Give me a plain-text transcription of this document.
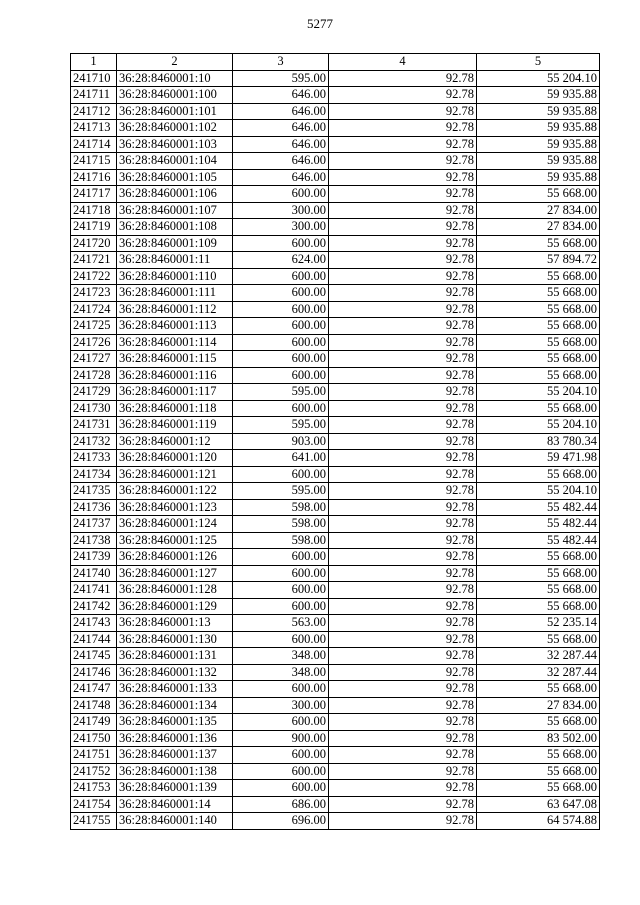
5277
1	2	3	4	5
241710	36:28:8460001:10	595.00	92.78	55 204.10
241711	36:28:8460001:100	646.00	92.78	59 935.88
241712	36:28:8460001:101	646.00	92.78	59 935.88
241713	36:28:8460001:102	646.00	92.78	59 935.88
241714	36:28:8460001:103	646.00	92.78	59 935.88
241715	36:28:8460001:104	646.00	92.78	59 935.88
241716	36:28:8460001:105	646.00	92.78	59 935.88
241717	36:28:8460001:106	600.00	92.78	55 668.00
241718	36:28:8460001:107	300.00	92.78	27 834.00
241719	36:28:8460001:108	300.00	92.78	27 834.00
241720	36:28:8460001:109	600.00	92.78	55 668.00
241721	36:28:8460001:11	624.00	92.78	57 894.72
241722	36:28:8460001:110	600.00	92.78	55 668.00
241723	36:28:8460001:111	600.00	92.78	55 668.00
241724	36:28:8460001:112	600.00	92.78	55 668.00
241725	36:28:8460001:113	600.00	92.78	55 668.00
241726	36:28:8460001:114	600.00	92.78	55 668.00
241727	36:28:8460001:115	600.00	92.78	55 668.00
241728	36:28:8460001:116	600.00	92.78	55 668.00
241729	36:28:8460001:117	595.00	92.78	55 204.10
241730	36:28:8460001:118	600.00	92.78	55 668.00
241731	36:28:8460001:119	595.00	92.78	55 204.10
241732	36:28:8460001:12	903.00	92.78	83 780.34
241733	36:28:8460001:120	641.00	92.78	59 471.98
241734	36:28:8460001:121	600.00	92.78	55 668.00
241735	36:28:8460001:122	595.00	92.78	55 204.10
241736	36:28:8460001:123	598.00	92.78	55 482.44
241737	36:28:8460001:124	598.00	92.78	55 482.44
241738	36:28:8460001:125	598.00	92.78	55 482.44
241739	36:28:8460001:126	600.00	92.78	55 668.00
241740	36:28:8460001:127	600.00	92.78	55 668.00
241741	36:28:8460001:128	600.00	92.78	55 668.00
241742	36:28:8460001:129	600.00	92.78	55 668.00
241743	36:28:8460001:13	563.00	92.78	52 235.14
241744	36:28:8460001:130	600.00	92.78	55 668.00
241745	36:28:8460001:131	348.00	92.78	32 287.44
241746	36:28:8460001:132	348.00	92.78	32 287.44
241747	36:28:8460001:133	600.00	92.78	55 668.00
241748	36:28:8460001:134	300.00	92.78	27 834.00
241749	36:28:8460001:135	600.00	92.78	55 668.00
241750	36:28:8460001:136	900.00	92.78	83 502.00
241751	36:28:8460001:137	600.00	92.78	55 668.00
241752	36:28:8460001:138	600.00	92.78	55 668.00
241753	36:28:8460001:139	600.00	92.78	55 668.00
241754	36:28:8460001:14	686.00	92.78	63 647.08
241755	36:28:8460001:140	696.00	92.78	64 574.88
